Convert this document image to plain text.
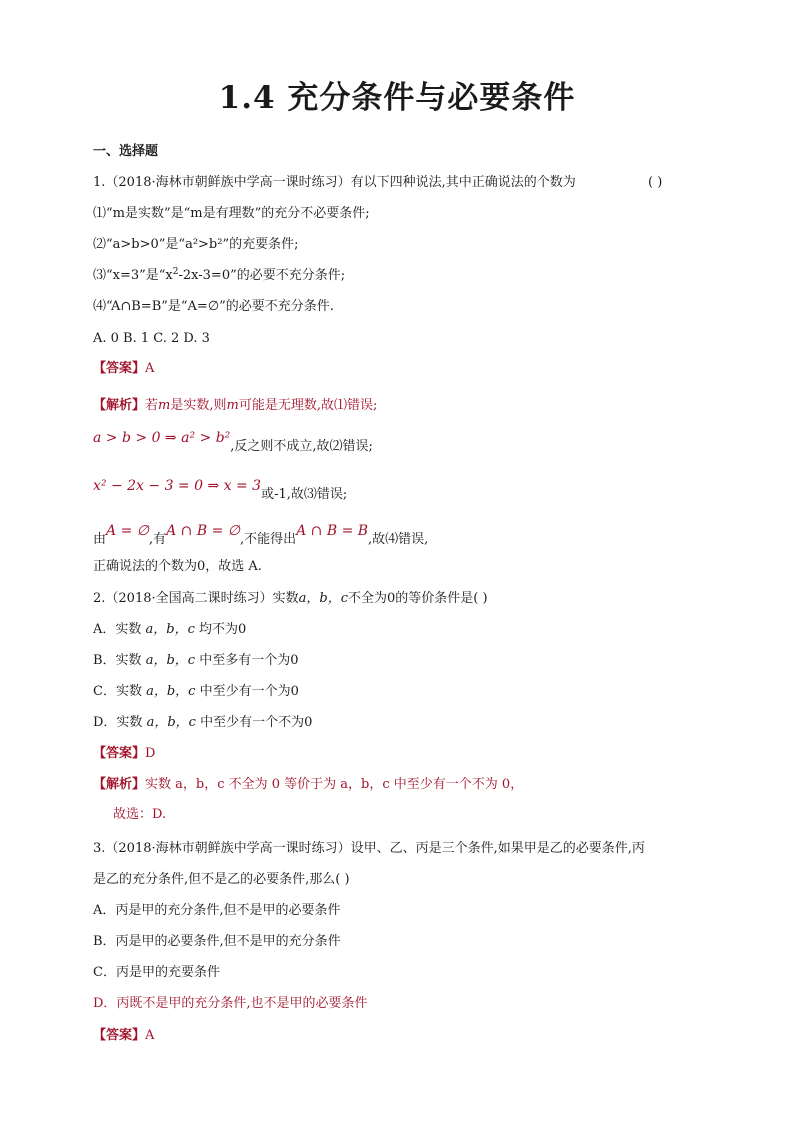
1.4 充分条件与必要条件
一、选择题
1.（2018·海林市朝鲜族中学高一课时练习）有以下四种说法,其中正确说法的个数为	( )
⑴“m是实数”是“m是有理数”的充分不必要条件;
⑵“a>b>0”是“a²>b²”的充要条件;
⑶“x=3”是“$x^2-2x-3=0$”的必要不充分条件;
⑷“A∩B=B”是“A=∅”的必要不充分条件.
A. 0 B. 1 C. 2 D. 3
【答案】A
【解析】若m是实数,则m可能是无理数,故⑴错误;
a > b > 0 ⇒ a² > b²,反之则不成立,故⑵错误;
x² − 2x − 3 = 0 ⇒ x = 3或-1,故⑶错误;
由A = ∅,有A ∩ B = ∅,不能得出A ∩ B = B,故⑷错误,
正确说法的个数为0，故选 A.
2.（2018·全国高二课时练习）实数a，b，c不全为0的等价条件是( )
A．实数 a，b，c 均不为0
B．实数 a，b，c 中至多有一个为0
C．实数 a，b，c 中至少有一个为0
D．实数 a，b，c 中至少有一个不为0
【答案】D
【解析】实数 a，b，c 不全为 0 等价于为 a，b，c 中至少有一个不为 0，
故选：D.
3.（2018·海林市朝鲜族中学高一课时练习）设甲、乙、丙是三个条件,如果甲是乙的必要条件,丙
是乙的充分条件,但不是乙的必要条件,那么( )
A．丙是甲的充分条件,但不是甲的必要条件
B．丙是甲的必要条件,但不是甲的充分条件
C．丙是甲的充要条件
D．丙既不是甲的充分条件,也不是甲的必要条件
【答案】A
